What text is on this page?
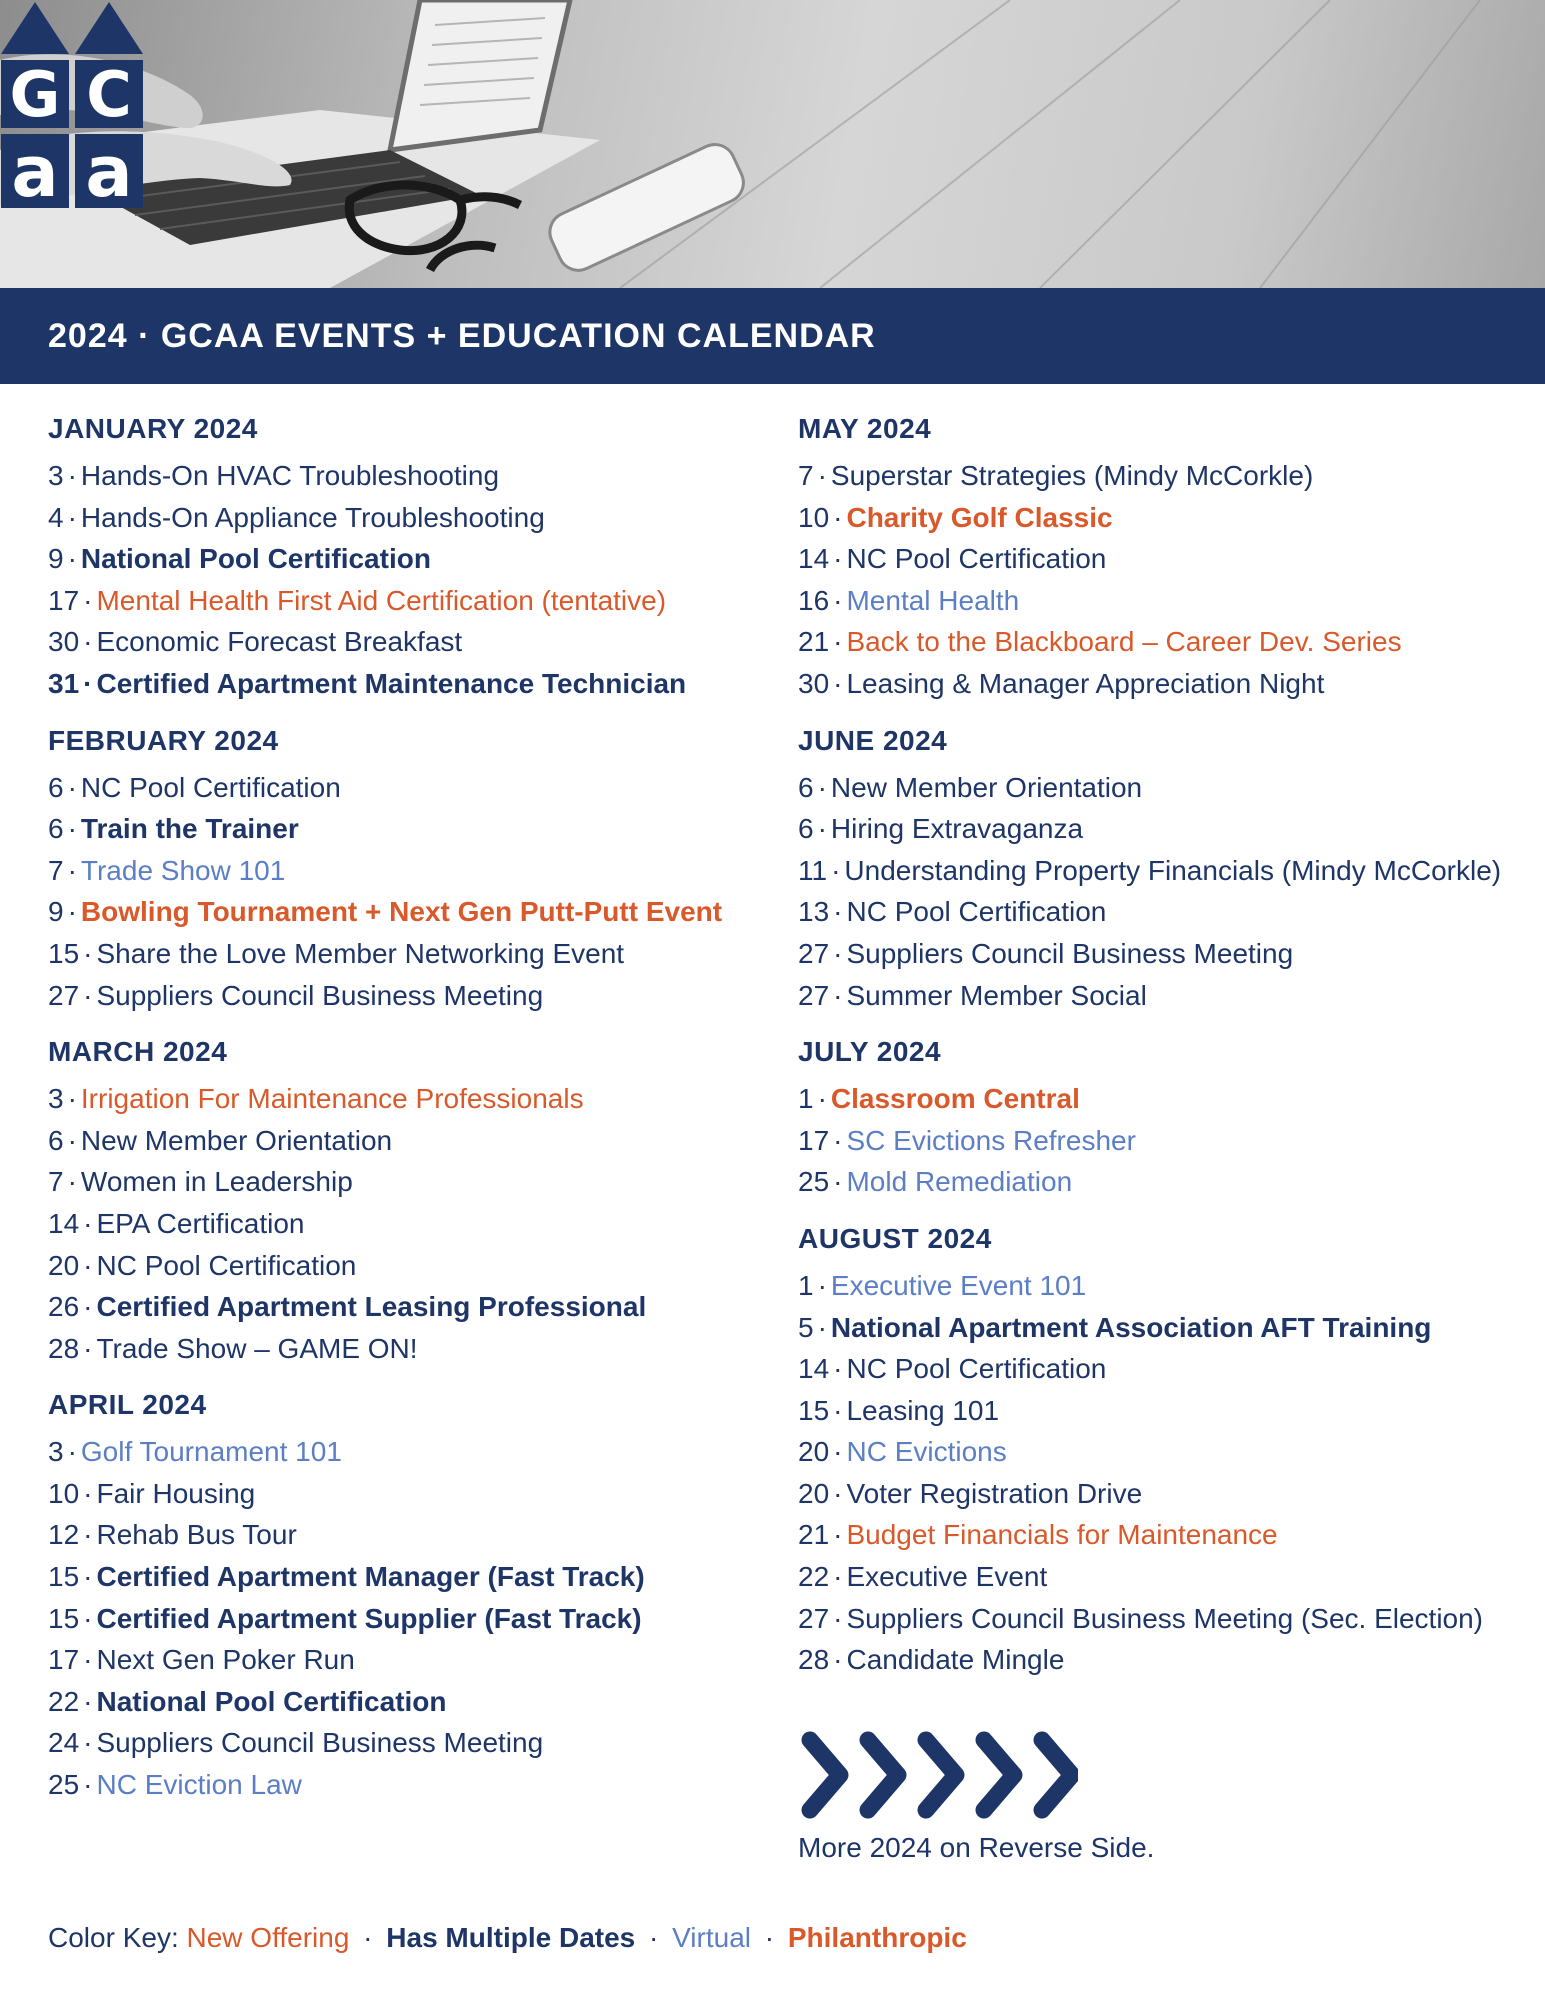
G C
a a
2024 · GCAA EVENTS + EDUCATION CALENDAR
JANUARY 2024
3 · Hands-On HVAC Troubleshooting
4 · Hands-On Appliance Troubleshooting
9 · National Pool Certification
17 · Mental Health First Aid Certification (tentative)
30 · Economic Forecast Breakfast
31 · Certified Apartment Maintenance Technician
FEBRUARY 2024
6 · NC Pool Certification
6 · Train the Trainer
7 · Trade Show 101
9 · Bowling Tournament + Next Gen Putt-Putt Event
15 · Share the Love Member Networking Event
27 · Suppliers Council Business Meeting
MARCH 2024
3 · Irrigation For Maintenance Professionals
6 · New Member Orientation
7 · Women in Leadership
14 · EPA Certification
20 · NC Pool Certification
26 · Certified Apartment Leasing Professional
28 · Trade Show – GAME ON!
APRIL 2024
3 · Golf Tournament 101
10 · Fair Housing
12 · Rehab Bus Tour
15 · Certified Apartment Manager (Fast Track)
15 · Certified Apartment Supplier (Fast Track)
17 · Next Gen Poker Run
22 · National Pool Certification
24 · Suppliers Council Business Meeting
25 · NC Eviction Law
MAY 2024
7 · Superstar Strategies (Mindy McCorkle)
10 · Charity Golf Classic
14 · NC Pool Certification
16 · Mental Health
21 · Back to the Blackboard – Career Dev. Series
30 · Leasing & Manager Appreciation Night
JUNE 2024
6 · New Member Orientation
6 · Hiring Extravaganza
11 · Understanding Property Financials (Mindy McCorkle)
13 · NC Pool Certification
27 · Suppliers Council Business Meeting
27 · Summer Member Social
JULY 2024
1 · Classroom Central
17 · SC Evictions Refresher
25 · Mold Remediation
AUGUST 2024
1 · Executive Event 101
5 · National Apartment Association AFT Training
14 · NC Pool Certification
15 · Leasing 101
20 · NC Evictions
20 · Voter Registration Drive
21 · Budget Financials for Maintenance
22 · Executive Event
27 · Suppliers Council Business Meeting (Sec. Election)
28 · Candidate Mingle
More 2024 on Reverse Side.
Color Key: New Offering · Has Multiple Dates · Virtual · Philanthropic
